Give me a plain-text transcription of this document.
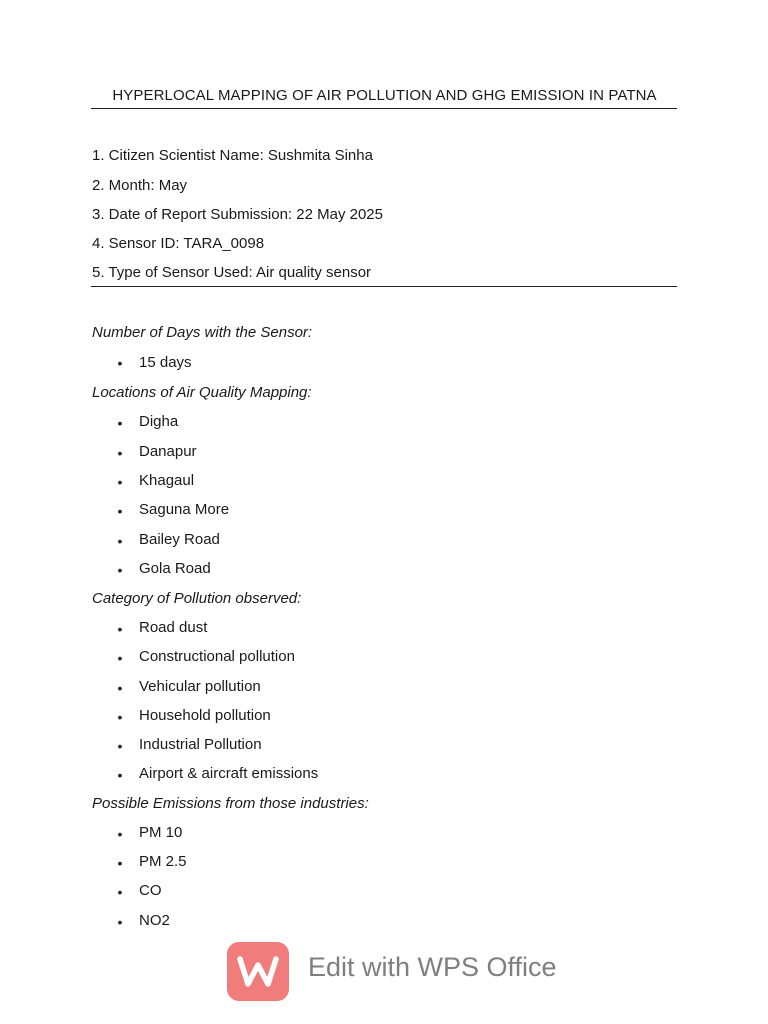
HYPERLOCAL MAPPING OF AIR POLLUTION AND GHG EMISSION IN PATNA
1. Citizen Scientist Name: Sushmita Sinha
2. Month: May
3. Date of Report Submission: 22 May 2025
4. Sensor ID: TARA_0098
5. Type of Sensor Used: Air quality sensor
Number of Days with the Sensor:
• 15 days
Locations of Air Quality Mapping:
• Digha
• Danapur
• Khagaul
• Saguna More
• Bailey Road
• Gola Road
Category of Pollution observed:
• Road dust
• Constructional pollution
• Vehicular pollution
• Household pollution
• Industrial Pollution
• Airport & aircraft emissions
Possible Emissions from those industries:
• PM 10
• PM 2.5
• CO
• NO2
Edit with WPS Office
